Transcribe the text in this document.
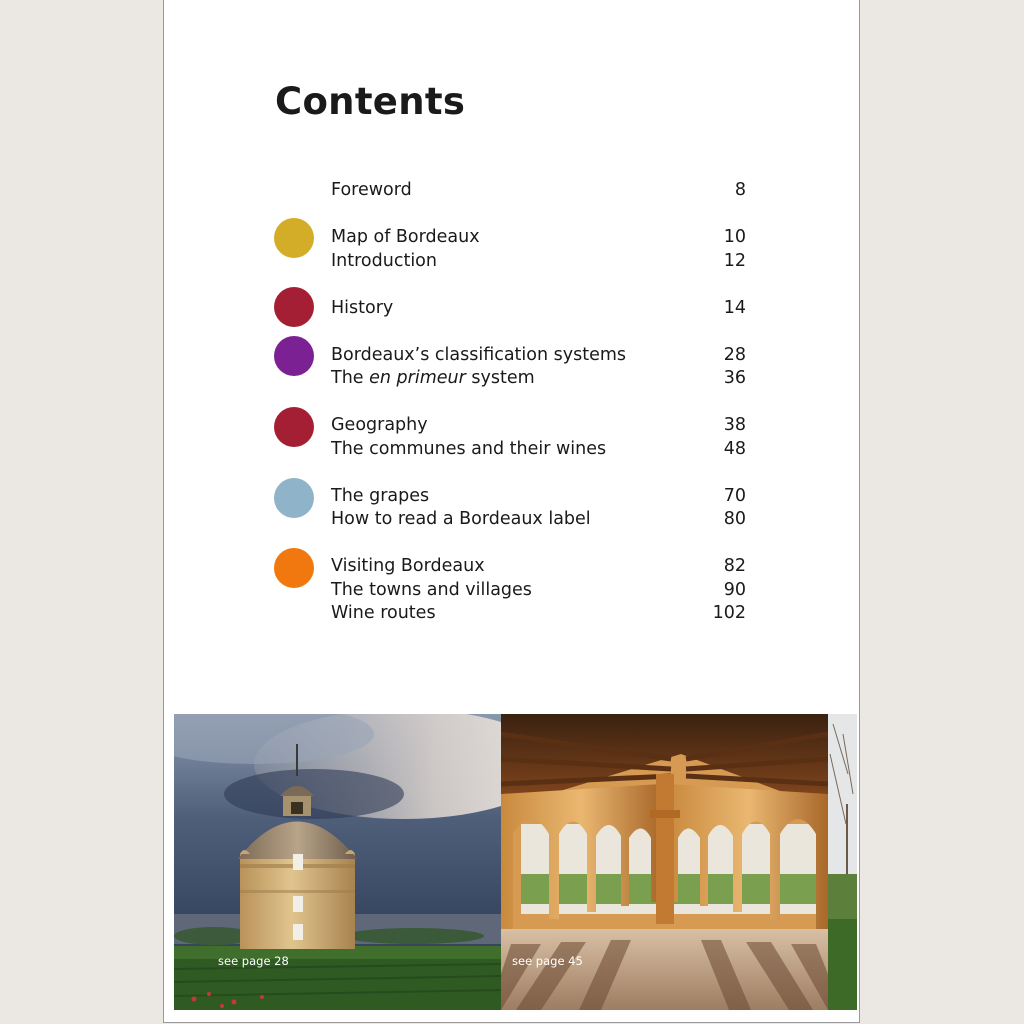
Contents
Foreword	8
Map of Bordeaux	10
Introduction	12
History	14
Bordeaux’s classification systems	28
The en primeur system	36
Geography	38
The communes and their wines	48
The grapes	70
How to read a Bordeaux label	80
Visiting Bordeaux	82
The towns and villages	90
Wine routes	102
see page 28	see page 45
